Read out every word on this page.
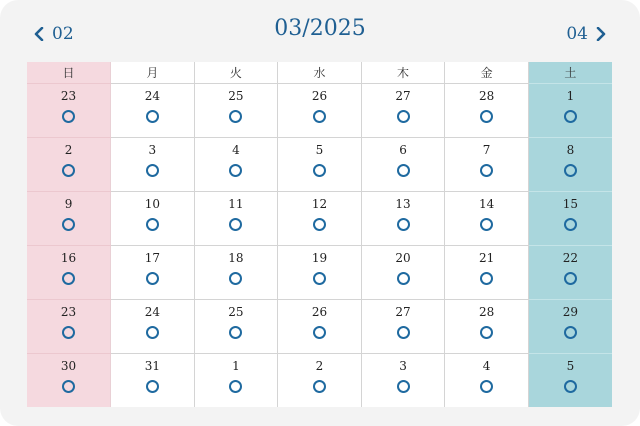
02	03/2025	04
日	月	火	水	木	金	土

23	24	25	26	27	28	1

2	3	4	5	6	7	8

9	10	11	12	13	14	15

16	17	18	19	20	21	22

23	24	25	26	27	28	29

30	31	1	2	3	4	5
